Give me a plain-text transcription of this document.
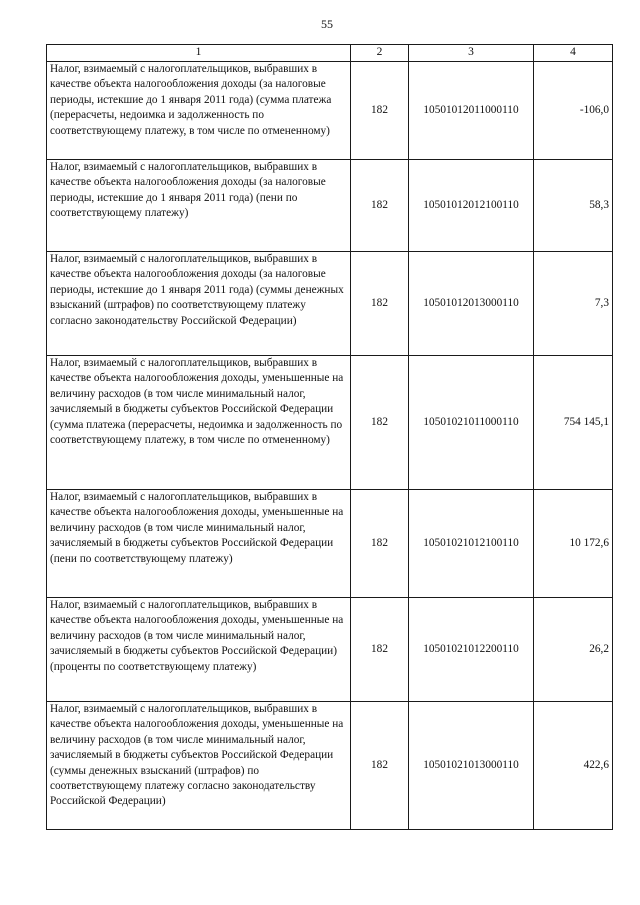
55
1	2	3	4
Налог, взимаемый с налогоплательщиков, выбравших в качестве объекта налогообложения доходы (за налоговые периоды, истекшие до 1 января 2011 года) (сумма платежа (перерасчеты, недоимка и задолженность по соответствующему платежу, в том числе по отмененному)	182	10501012011000110	-106,0
Налог, взимаемый с налогоплательщиков, выбравших в качестве объекта налогообложения доходы (за налоговые периоды, истекшие до 1 января 2011 года) (пени по соответствующему платежу)	182	10501012012100110	58,3
Налог, взимаемый с налогоплательщиков, выбравших в качестве объекта налогообложения доходы (за налоговые периоды, истекшие до 1 января 2011 года) (суммы денежных взысканий (штрафов) по соответствующему платежу согласно законодательству Российской Федерации)	182	10501012013000110	7,3
Налог, взимаемый с налогоплательщиков, выбравших в качестве объекта налогообложения доходы, уменьшенные на величину расходов (в том числе минимальный налог, зачисляемый в бюджеты субъектов Российской Федерации (сумма платежа (перерасчеты, недоимка и задолженность по соответствующему платежу, в том числе по отмененному)	182	10501021011000110	754 145,1
Налог, взимаемый с налогоплательщиков, выбравших в качестве объекта налогообложения доходы, уменьшенные на величину расходов (в том числе минимальный налог, зачисляемый в бюджеты субъектов Российской Федерации (пени по соответствующему платежу)	182	10501021012100110	10 172,6
Налог, взимаемый с налогоплательщиков, выбравших в качестве объекта налогообложения доходы, уменьшенные на величину расходов (в том числе минимальный налог, зачисляемый в бюджеты субъектов Российской Федерации) (проценты по соответствующему платежу)	182	10501021012200110	26,2
Налог, взимаемый с налогоплательщиков, выбравших в качестве объекта налогообложения доходы, уменьшенные на величину расходов (в том числе минимальный налог, зачисляемый в бюджеты субъектов Российской Федерации (суммы денежных взысканий (штрафов) по соответствующему платежу согласно законодательству Российской Федерации)	182	10501021013000110	422,6
